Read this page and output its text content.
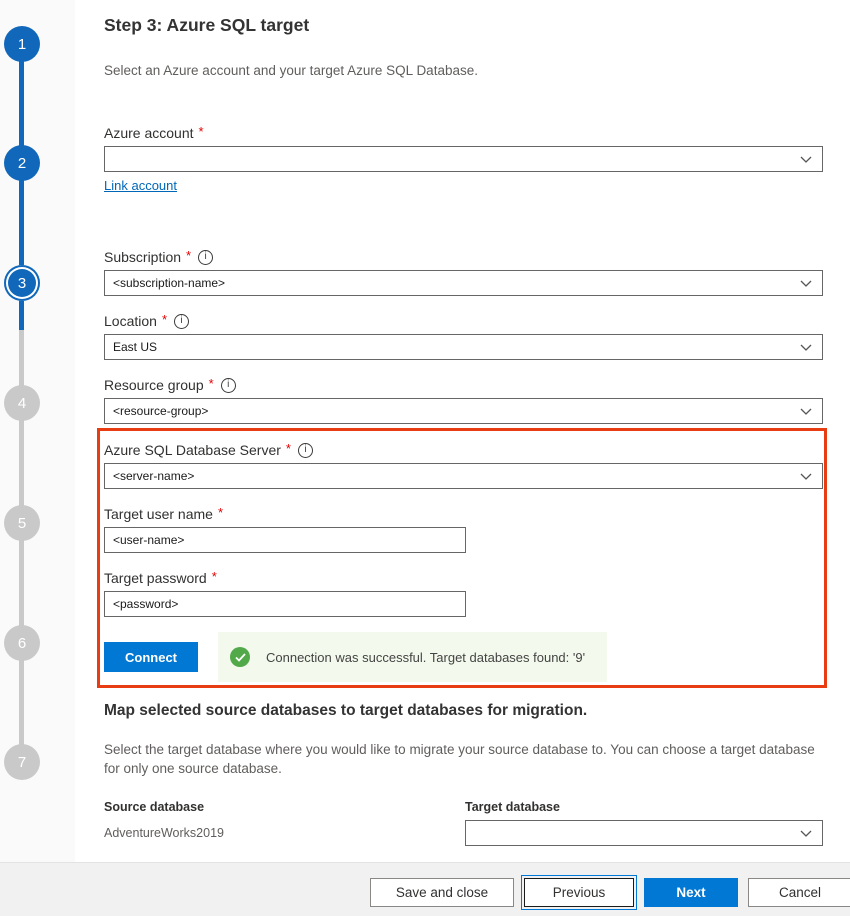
1
2
3
4
5
6
7
Step 3: Azure SQL target

Select an Azure account and your target Azure SQL Database.

Azure account *
Link account
Subscription *	i
<subscription-name>
Location *	i
East US
Resource group *	i
<resource-group>
Azure SQL Database Server *	i
<server-name>
Target user name *
<user-name>
Target password *
<password>
Connect	Connection was successful. Target databases found: '9'
Map selected source databases to target databases for migration.

Select the target database where you would like to migrate your source database to. You can choose a target database for only one source database.

Source database	Target database
AdventureWorks2019
Save and close	Previous	Next	Cancel
